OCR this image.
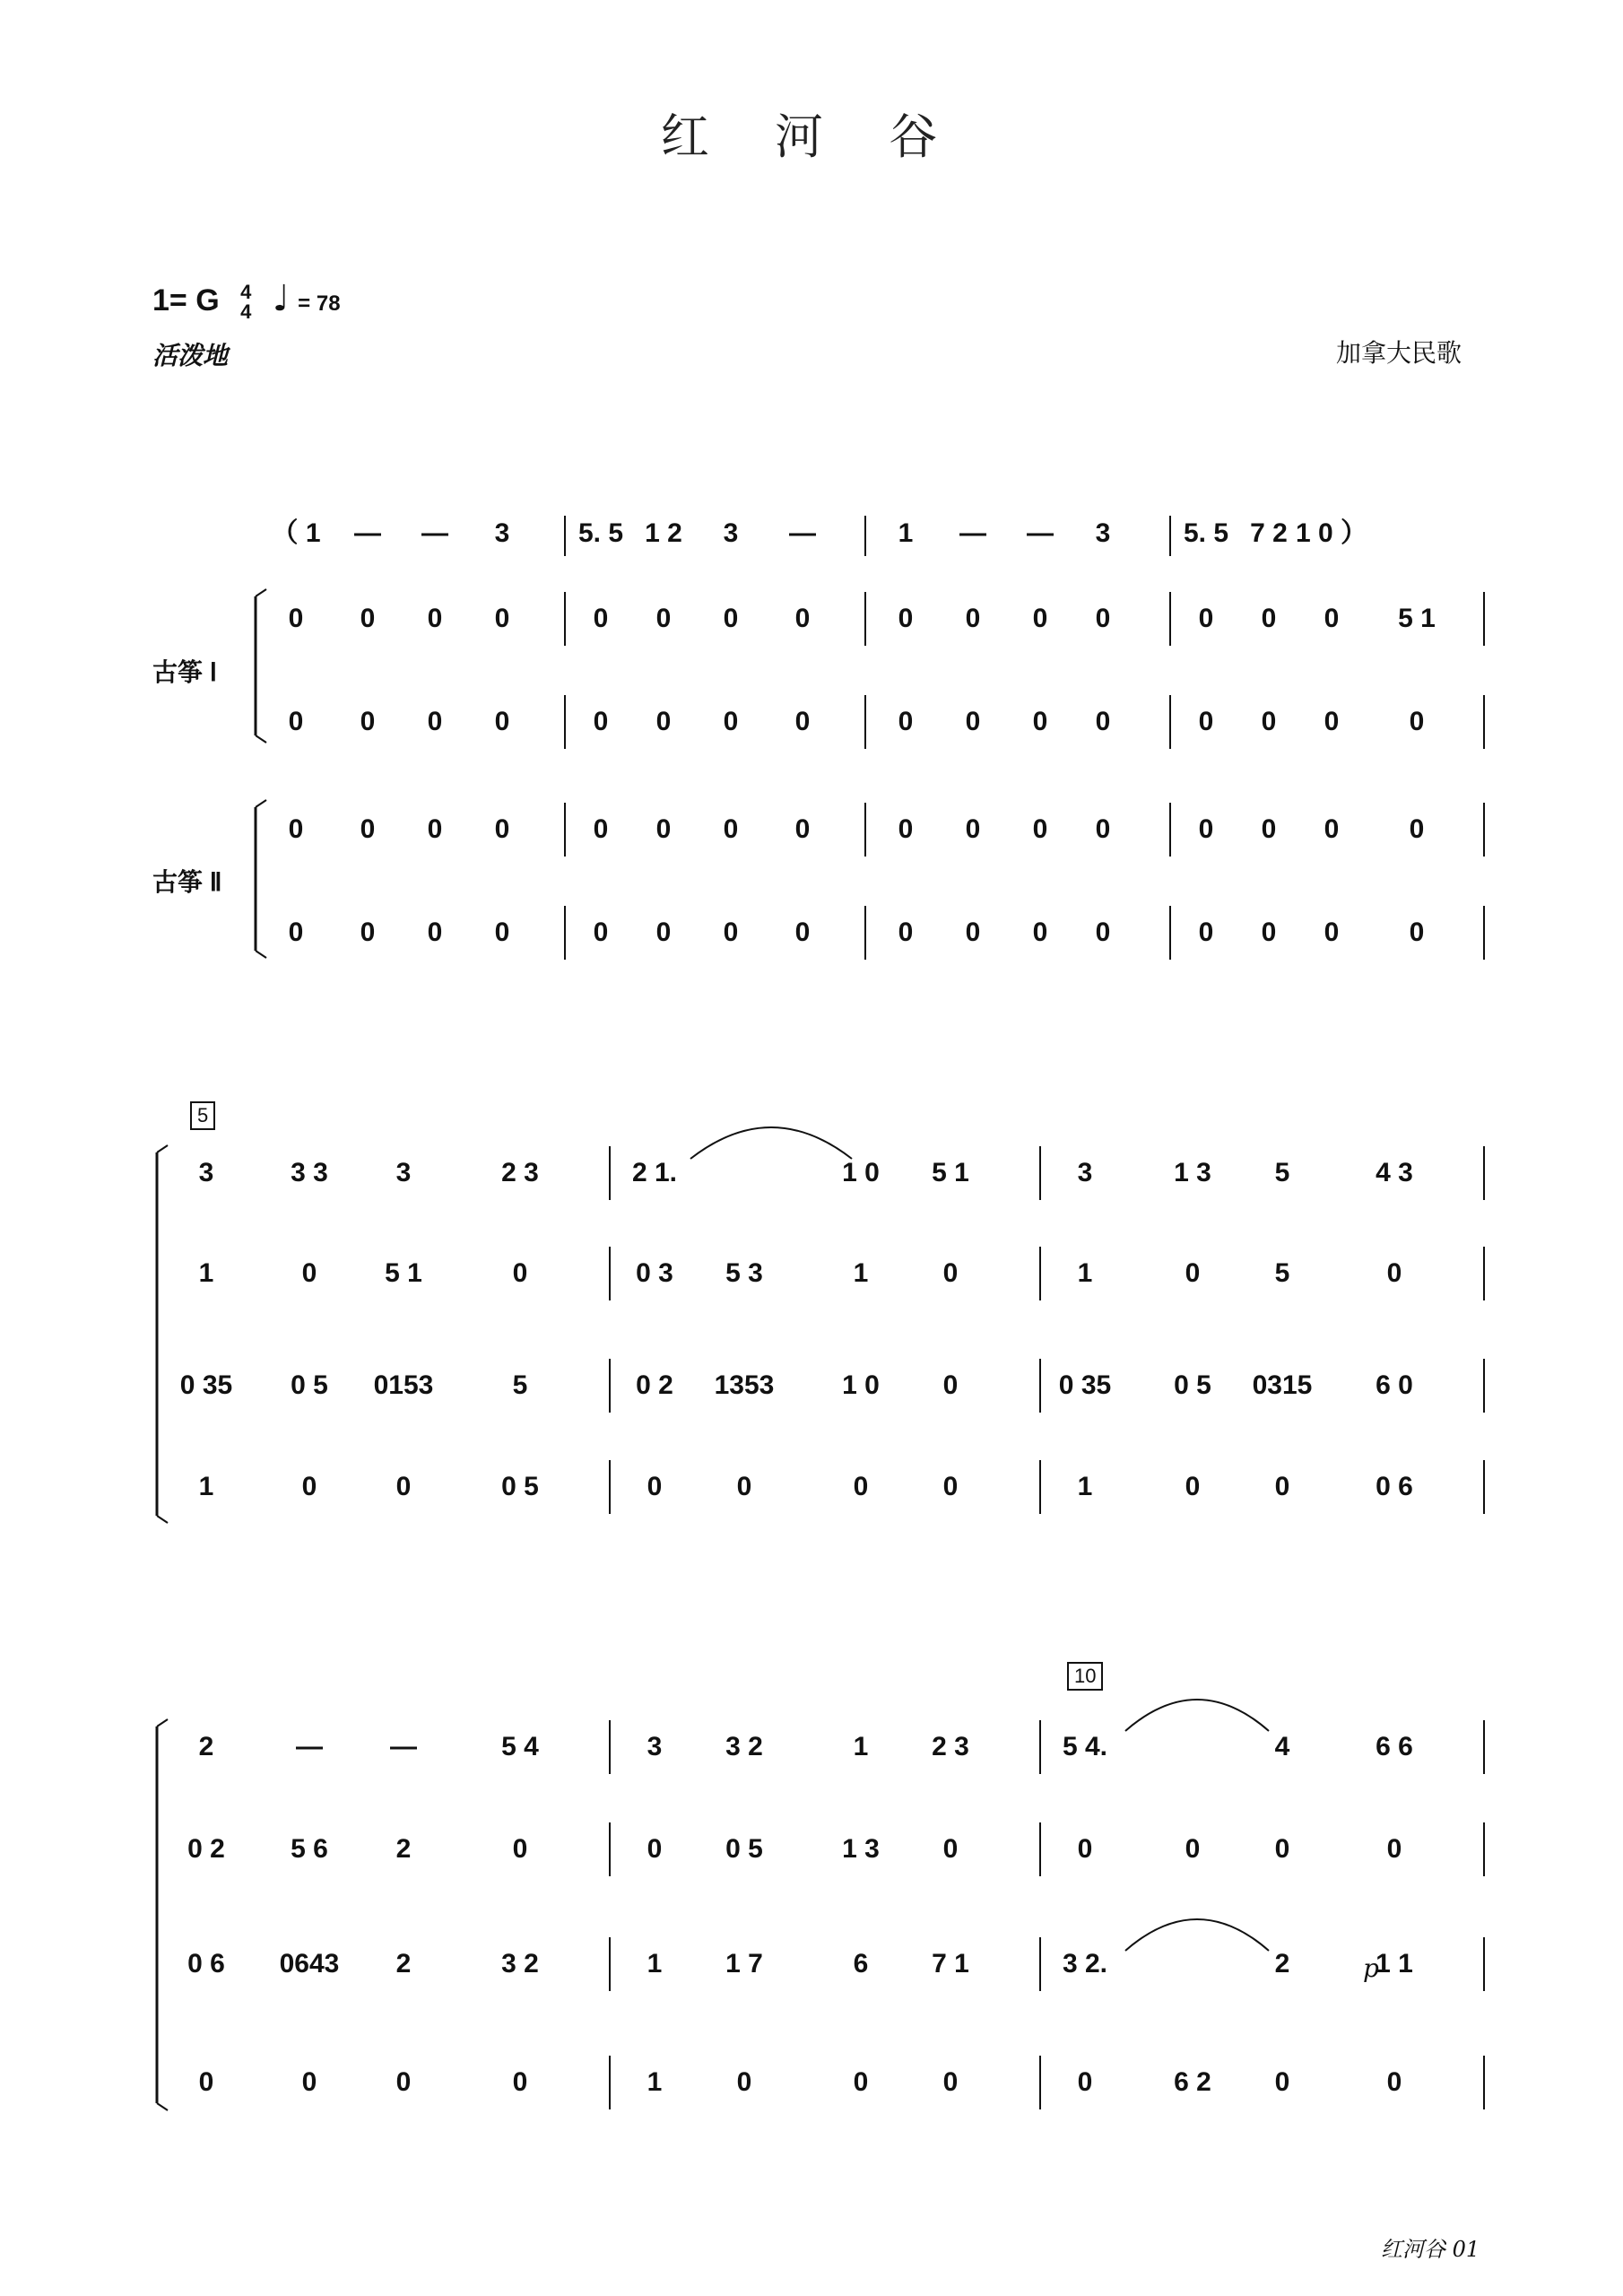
红 河 谷
1= G 4
4 ♩ = 78
活泼地	加拿大民歌
（ 1	—	—	3	5. 5 1 2	3	—	1	—	—	3	5. 5 7 2 1 0 ）
0	0	0	0	0	0	0	0	0	0	0	0	0	0	0	5 1
0	0	0	0	0	0	0	0	0	0	0	0	0	0	0	0
0	0	0	0	0	0	0	0	0	0	0	0	0	0	0	0
0	0	0	0	0	0	0	0	0	0	0	0	0	0	0	0
3	3 3	3	2 3	2 1.	1 0	5 1	3	1 3	5	4 3
1	0	5 1	0	0 3	5 3	1	0	1	0	5	0
0 35	0 5	0153	5	0 2	1353	1 0	0	0 35	0 5	0315	6 0
1	0	0	0 5	0	0	0	0	1	0	0	0 6
2	—	—	5 4	3	3 2	1	2 3	5 4.	4	6 6
0 2	5 6	2	0	0	0 5	1 3	0	0	0	0	0
0 6	0643	2	3 2	1	1 7	6	7 1	3 2.	2	1 1
0	0	0	0	1	0	0	0	0	6 2	0	0
古筝 Ⅰ
古筝 Ⅱ
5
10
p
红河谷 01
